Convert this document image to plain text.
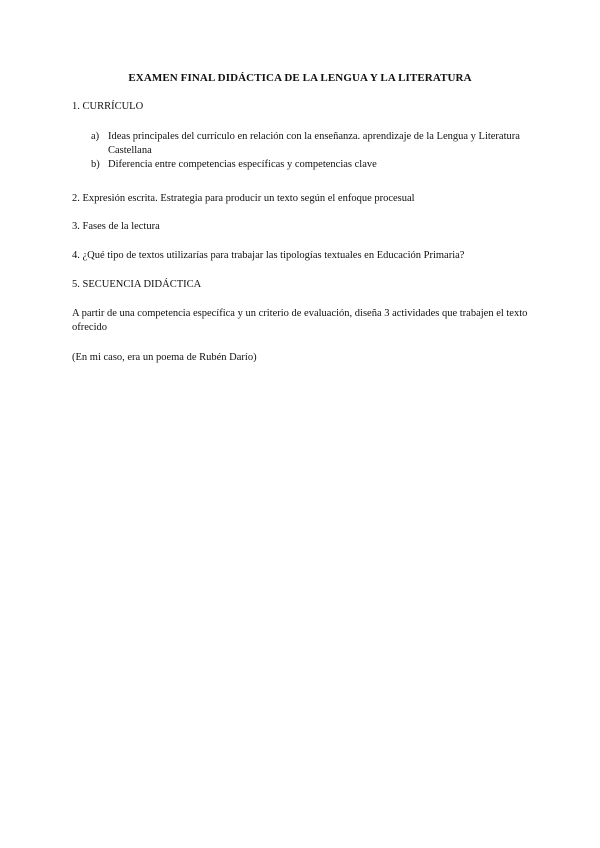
EXAMEN FINAL DIDÁCTICA DE LA LENGUA Y LA LITERATURA
1. CURRÍCULO
a) Ideas principales del currículo en relación con la enseñanza. aprendizaje de la Lengua y Literatura Castellana
b) Diferencia entre competencias específicas y competencias clave
2. Expresión escrita. Estrategia para producir un texto según el enfoque procesual
3. Fases de la lectura
4. ¿Qué tipo de textos utilizarías para trabajar las tipologías textuales en Educación Primaria?
5. SECUENCIA DIDÁCTICA
A partir de una competencia específica y un criterio de evaluación, diseña 3 actividades que trabajen el texto ofrecido
(En mi caso, era un poema de Rubén Darío)
